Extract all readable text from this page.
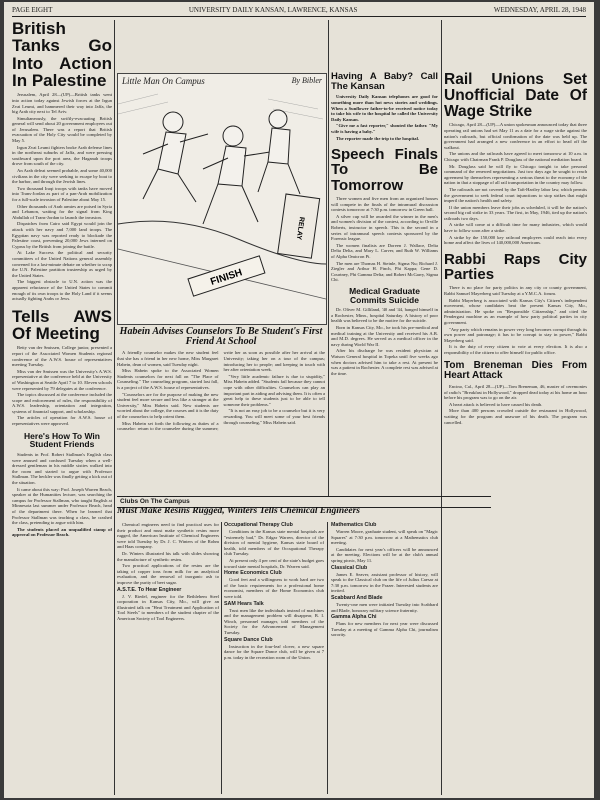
PAGE EIGHT	UNIVERSITY DAILY KANSAN, LAWRENCE, KANSAS	WEDNESDAY, APRIL 28, 1948
British Tanks Go Into Action In Palestine

Jerusalem, April 28—(UP)—British tanks went into action today against Jewish forces at the Irgun Zvai Leumi, and hammered their way into Jaffa, the big Arab city next to Tel Aviv.

Simultaneously, the swiftly-evacuating British general will send about 20 government employees out of Jerusalem. There was a report that British evacuation of the Holy City would be completed by May 5.

Irgun Zvai Leumi fighters broke Arab defense lines in the northeast suburbs of Jaffa, and were pressing southward upon the port area, the Haganah troops drove from south of the city.

An Arab defeat seemed probable, and some 40,000 civilians in the city were seeking to escape by boat to the harbor, and through the Jewish lines.

Two thousand Iraqi troops with tanks have moved into Trans-Jordan as part of a pan-Arab mobilization for a full-scale invasion of Palestine about May 15.

Other thousands of Arab armies are poised in Syria and Lebanon, waiting for the signal from King Abdullah of Trans-Jordan to launch the invasion.

Dispatches from Cairo said Egypt would join the attack with her navy and 7,000 land troops. The Egyptian navy was reported ready to blockade the Palestine coast, preventing 20,000 Jews interned on Cyprus by the British from joining the battle.

At Lake Success the political and security committees of the United Nations general assembly convened for a last-minute debate on whether to scrap the U.N. Palestine partition trusteeship as urged by the United States.

The biggest obstacle to U.N. action was the apparent reluctance of the United States to commit enough of its own troops to the Holy Land if it seems actually fighting Arabs or Jews.

Tells AWS Of Meeting

Betty van der Smissen, College junior, presented a report of the Associated Women Students regional conference of the A.W.S. house of representatives meeting Tuesday.

Miss van der Smissen was the University's A.W.S. representative at the conference held at the University of Washington at Seattle April 7 to 10. Eleven schools were represented by 79 delegates at the conference.

The topics discussed at the conference included the scope and enforcement of rules, the responsibility of A.W.S. leadership, orientation and integration, systems of financial support, and scholarship.

The articles of operation for A.W.S. house of representatives were approved.

Here's How To Win Student Friends

Students in Prof. Robert Stallman's English class were amused and confused Tuesday when a well-dressed gentleman in his middle sixties walked into the room and started to argue with Professor Stallman. The heckler was finally getting a kick out of the situation.

It came about this way: Prof. Joseph Warren Beach, speaker at the Humanities lecture, was searching the campus for Professor Stallman, who taught English at Minnesota last summer under Professor Beach, head of the department there. When he learned that Professor Stallman was teaching a class, he crashed the class, pretending to argue with him.

The students placed an unqualified stamp of approval on Professor Beach.

Little Man On Campus	By Bibler
RELAY
FINISH
Habein Advises Counselors To Be Student's First Friend At School

A friendly counselor makes the new student feel that she has a friend in her new home, Miss Margaret Habein, dean of women, said Tuesday night.

Miss Habein spoke to the Associated Women Students counselors for next fall on "The Place of Counseling." The counseling program, started last fall, is a project of the A.W.S. house of representatives.

"Counselors are for the purpose of making the new student feel more secure and less like a stranger at the University," Miss Habein said. New students are worried about the college, the courses and it is the duty of the counselors to help orient them.

Miss Habein set forth the following as duties of a counselor: return to the counselee during the summer; write her as soon as possible after her arrival at the University; taking her on a tour of the campus; introducing her to people; and keeping in touch with her after orientation week.

"Very little academic failure is due to stupidity," Miss Habein added. "Students fail because they cannot cope with other difficulties. Counselors can play an important part in aiding and advising them. It is often a great help to these students just to be able to tell someone their problems."

"It is not an easy job to be a counselor but it is very rewarding. You will meet some of your best friends through counseling," Miss Habein said.

Having A Baby? Call The Kansan

University Daily Kansan telephones are good for something more than hot news stories and weddings. When a Sunflower father-to-be received notice today to take his wife to the hospital he called the University Daily Kansan.

"Give me a fast reporter," shouted the father. "My wife is having a baby."

The reporter made the trip to the hospital.

Speech Finals To Be Tomorrow

Three women and five men from an organized houses will compete in the finals of the intramural discussion contests tomorrow at 7:30 p.m. tomorrow in Green hall.

A silver cup will be awarded the winner in the men's and women's division of the contest, according to Orville Roberts, instructor in speech. This is the second in a series of intramural speech contests sponsored by the Forensic league.

The women finalists are Doreen J. Wallace, Delta Delta Delta, and Mary L. Carver, and Ruth W. Williams of Alpha Omicron Pi.

The men are Thomas H. Steinle, Sigma Nu; Richard J. Ziegler and Arthur H. Finch, Phi Kappa; Gene D. Courtney, Phi Gamma Delta; and Robert McGarry, Sigma Chi.

Medical Graduate Commits Suicide

Dr. Oliver M. Gilliland, '40 and '44, hanged himself in a Rochester, Minn., hospital Saturday. A history of poor health was believed to be the motive for the suicide.

Born in Kansas City, Mo., he took his pre-medical and medical training at the University and received his A.B. and M.D. degrees. He served as a medical officer in the navy during World War II.

After his discharge he was resident physician at Watson General hospital in Topeka until five weeks ago when doctors advised him to take a rest. At present he was a patient in Rochester. A complete rest was advised at the time.

Rail Unions Set Unofficial Date Of Wage Strike

Chicago, April 28—(UP)—A union spokesman announced today that three operating rail unions had set May 11 as a date for a wage strike against the nation's railroads, but official confirmation of the date was held up. The government had arranged a new conference in an effort to head off the walkout.

The unions and the railroads have agreed to meet tomorrow at 10 a.m. in Chicago with Chairman Frank P. Douglass of the national mediation board.

Mr. Douglass said he will fly to Chicago tonight to take personal command of the renewed negotiations. Just two days ago he sought to reach agreement by themselves representing a serious threat to the economy of the nation in that a stoppage of all rail transportation in the country may follow.

The railroads are not covered by the Taft-Hartley labor law, which permits the government to seek federal court injunctions to stop strikes that might imperil the nation's health and safety.

If the union members leave their jobs as scheduled, it will be the nation's second big rail strike in 33 years. The first, in May, 1946, tied up the nation's railroads two days.

A strike will come at a difficult time for many industries, which would have to follow soon after a strike.

A strike by the 150,000 key railroad employees could reach into every home and affect the lives of 140,000,000 Americans.

Rabbi Raps City Parties

There is no place for party politics in any city or county government, Rabbi Samuel Mayerberg said Tuesday at a Y.M.C.A. forum.

Rabbi Mayerberg is associated with Kansas City's Citizen's independent movement, whose candidates beat the present Kansas City, Mo., administration. He spoke on "Responsible Citizenship," and cited the Pendergast machine as an example of how party political parties in city government.

"Any party which remains in power very long becomes corrupt through its own power and patronage; it has to be corrupt to stay in power," Rabbi Mayerberg said.

It is the duty of every citizen to vote at every election. It is also a responsibility of the citizen to offer himself for public office.

Tom Breneman Dies From Heart Attack

Encino, Cal., April 28—(UP)—Tom Breneman, 46, master of ceremonies of radio's "Breakfast in Hollywood," dropped dead today at his home an hour before his program was to go on the air.

A heart attack is believed to have caused his death.

More than 400 persons crowded outside the restaurant in Hollywood, waiting for the program and unaware of his death. The program was cancelled.

Clubs On The Campus
Must Make Resins Rugged, Winters Tells Chemical Engineers

Chemical engineers need to find practical uses for their product and must make synthetic resins more rugged, the American Institute of Chemical Engineers were told Tuesday by Dr. J. C. Winters of the Rohm and Haas company.

Dr. Winters illustrated his talk with slides showing the manufacture of synthetic resins.

Two practical applications of the resins are the taking of copper ions from milk for an analytical evaluation, and the removal of inorganic ash to improve the purity of beet sugar.

A.S.T.E. To Hear Engineer

J. V. Riedel, engineer for the Bethlehem Steel corporation in Kansas City, Mo., will give an illustrated talk on "Heat Treatment and Application of Tool Steels" to members of the student chapter of the American Society of Tool Engineers.

Occupational Therapy Club

Conditions in the Kansas state mental hospitals are "extremely bad," Dr. Edgar Warren, director of the division of mental hygiene, Kansas state board of health, told members of the Occupational Therapy club Tuesday.

At present only 4 per cent of the state's budget goes toward state mental hospitals, Dr. Warren said.

Home Economics Club

Good feet and a willingness to work hard are two of the basic requirements for a professional home economist, members of the Home Economics club were told.

SAM Hears Talk

Trust men like the individuals instead of machines and the management problem will disappear, B. I. Winch, personnel manager, told members of the Society for the Advancement of Management Tuesday.

Square Dance Club

Instruction in the four-leaf clover, a new square dance for the Square Dance club, will be given at 7 p.m. today in the recreation room of the Union.

Mathematics Club

Warren Moore, graduate student, will speak on "Magic Squares" at 7:30 p.m. tomorrow at a Mathematics club meeting.

Candidates for next year's officers will be announced at the meeting. Elections will be at the club's annual spring picnic, May 11.

Classical Club

James E. Seaver, assistant professor of history, will speak to the Classical club on the life of Julius Caesar at 7:30 p.m. tomorrow in the Frazer. Interested students are invited.

Scabbard And Blade

Twenty-one men were initiated Tuesday into Scabbard and Blade, honorary military science fraternity.

Gamma Alpha Chi

Plans for new members for next year were discussed Tuesday at a meeting of Gamma Alpha Chi, journalism sorority.
